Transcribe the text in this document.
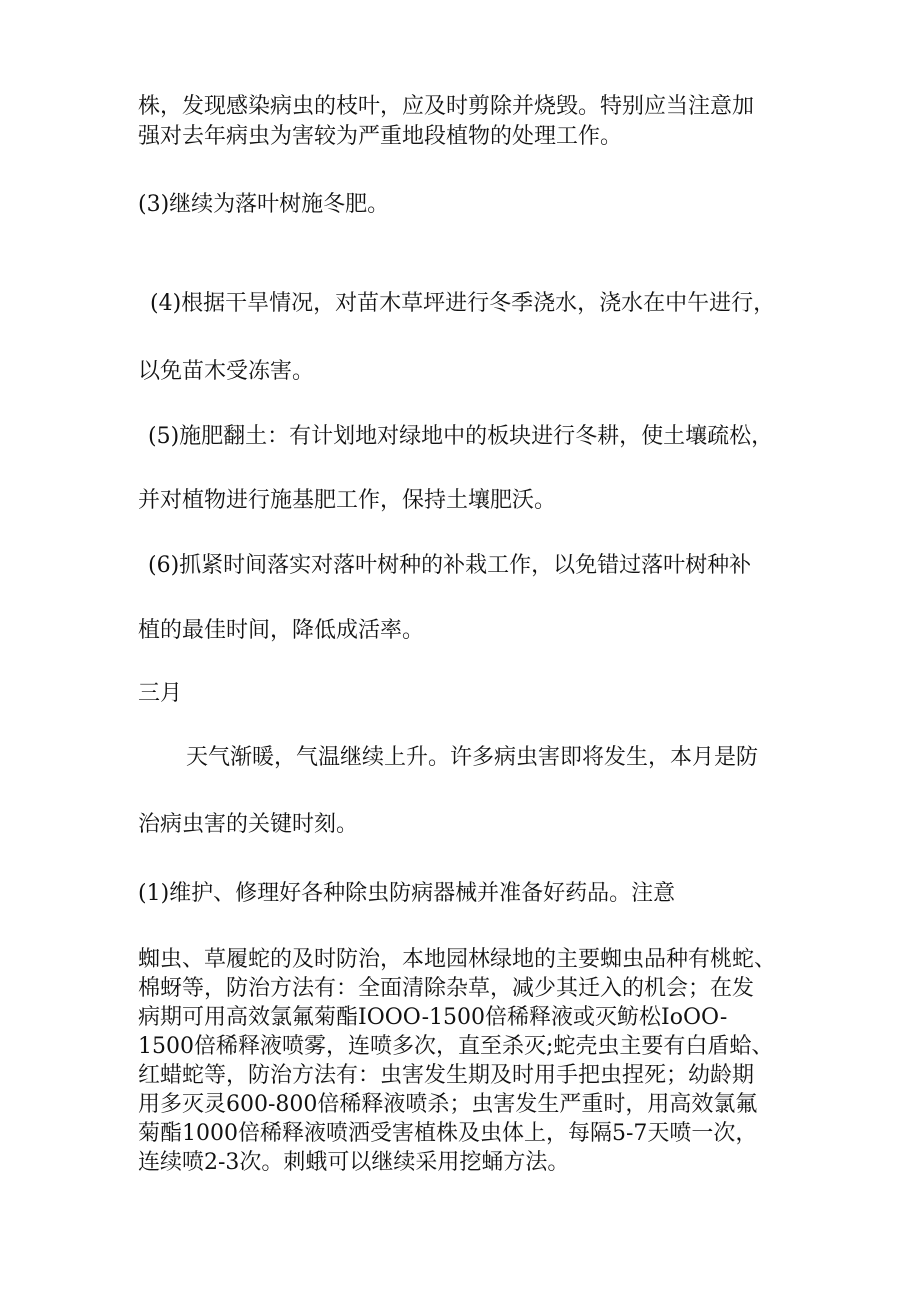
株，发现感染病虫的枝叶，应及时剪除并烧毁。特别应当注意加

强对去年病虫为害较为严重地段植物的处理工作。

(3)继续为落叶树施冬肥。

(4)根据干旱情况，对苗木草坪进行冬季浇水，浇水在中午进行，

以免苗木受冻害。

(5)施肥翻土：有计划地对绿地中的板块进行冬耕，使土壤疏松，

并对植物进行施基肥工作，保持土壤肥沃。

(6)抓紧时间落实对落叶树种的补栽工作，以免错过落叶树种补

植的最佳时间，降低成活率。

三月

天气渐暖，气温继续上升。许多病虫害即将发生，本月是防

治病虫害的关键时刻。

(1)维护、修理好各种除虫防病器械并准备好药品。注意

蜘虫、草履蛇的及时防治，本地园林绿地的主要蜘虫品种有桃蛇、

棉蚜等，防治方法有：全面清除杂草，减少其迁入的机会；在发

病期可用高效氯氟菊酯IOOO-1500倍稀释液或灭鲂松IoOO-

1500倍稀释液喷雾，连喷多次，直至杀灭;蛇壳虫主要有白盾蛤、

红蜡蛇等，防治方法有：虫害发生期及时用手把虫捏死；幼龄期

用多灭灵600-800倍稀释液喷杀；虫害发生严重时，用高效氯氟

菊酯1000倍稀释液喷洒受害植株及虫体上，每隔5-7天喷一次，

连续喷2-3次。刺蛾可以继续采用挖蛹方法。
